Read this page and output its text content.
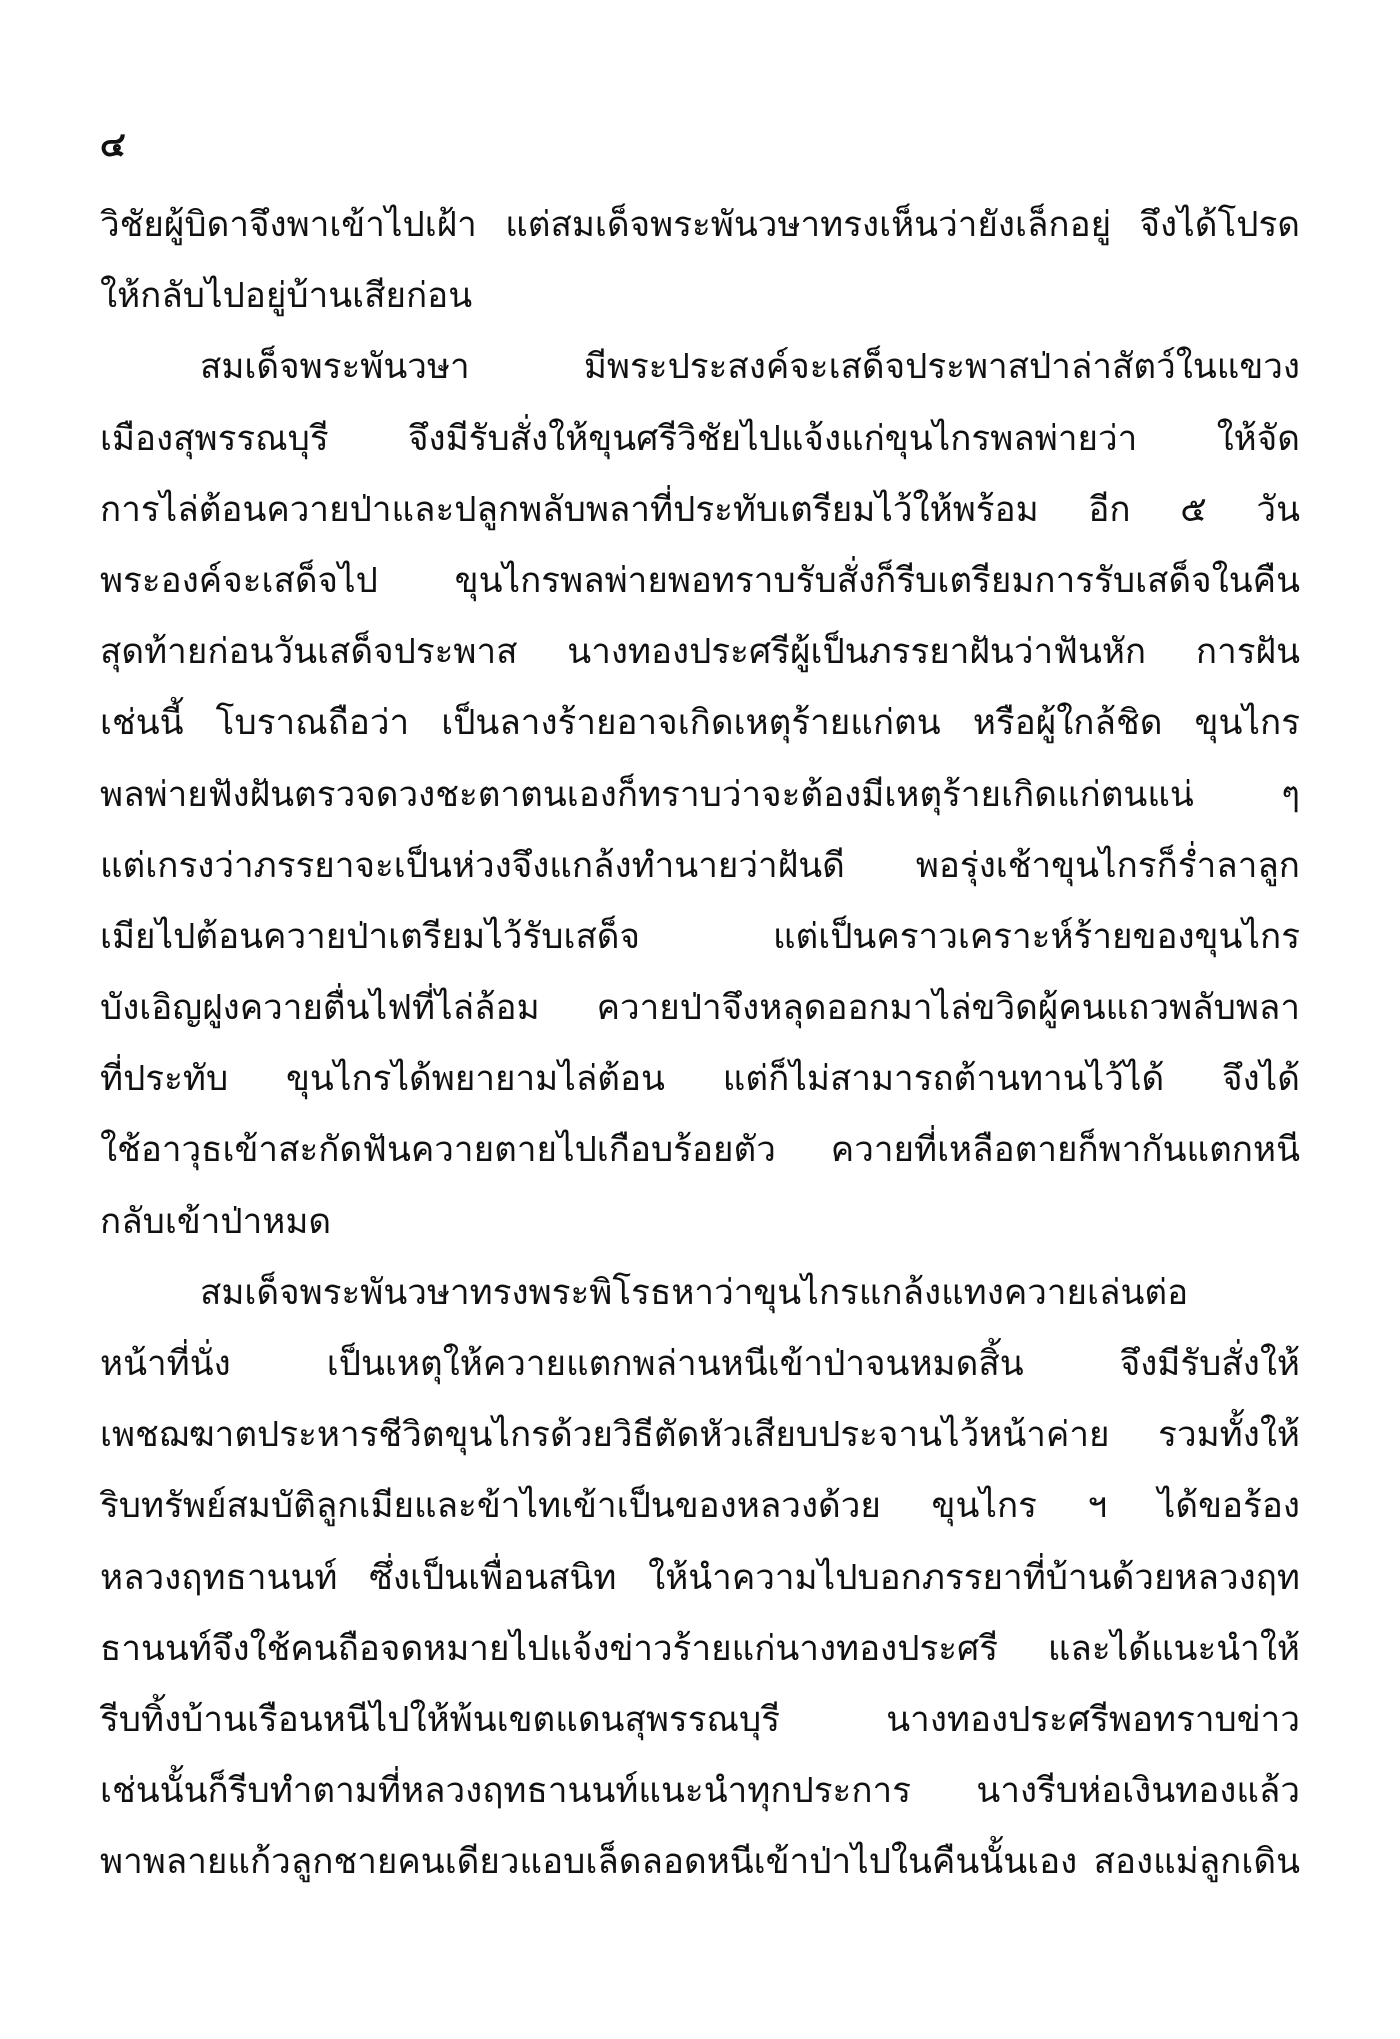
๔
วิชัยผู้บิดาจึงพาเข้าไปเฝ้า แต่สมเด็จพระพันวษาทรงเห็นว่ายังเล็กอยู่ จึงได้โปรด
ให้กลับไปอยู่บ้านเสียก่อน
สมเด็จพระพันวษา มีพระประสงค์จะเสด็จประพาสป่าล่าสัตว์ในแขวง
เมืองสุพรรณบุรี จึงมีรับสั่งให้ขุนศรีวิชัยไปแจ้งแก่ขุนไกรพลพ่ายว่า ให้จัด
การไล่ต้อนควายป่าและปลูกพลับพลาที่ประทับเตรียมไว้ให้พร้อม อีก ๕ วัน
พระองค์จะเสด็จไป ขุนไกรพลพ่ายพอทราบรับสั่งก็รีบเตรียมการรับเสด็จในคืน
สุดท้ายก่อนวันเสด็จประพาส นางทองประศรีผู้เป็นภรรยาฝันว่าฟันหัก การฝัน
เช่นนี้ โบราณถือว่า เป็นลางร้ายอาจเกิดเหตุร้ายแก่ตน หรือผู้ใกล้ชิด ขุนไกร
พลพ่ายฟังฝันตรวจดวงชะตาตนเองก็ทราบว่าจะต้องมีเหตุร้ายเกิดแก่ตนแน่ ๆ
แต่เกรงว่าภรรยาจะเป็นห่วงจึงแกล้งทำนายว่าฝันดี พอรุ่งเช้าขุนไกรก็ร่ำลาลูก
เมียไปต้อนควายป่าเตรียมไว้รับเสด็จ แต่เป็นคราวเคราะห์ร้ายของขุนไกร
บังเอิญฝูงควายตื่นไฟที่ไล่ล้อม ควายป่าจึงหลุดออกมาไล่ขวิดผู้คนแถวพลับพลา
ที่ประทับ ขุนไกรได้พยายามไล่ต้อน แต่ก็ไม่สามารถต้านทานไว้ได้ จึงได้
ใช้อาวุธเข้าสะกัดฟันควายตายไปเกือบร้อยตัว ควายที่เหลือตายก็พากันแตกหนี
กลับเข้าป่าหมด
สมเด็จพระพันวษาทรงพระพิโรธหาว่าขุนไกรแกล้งแทงควายเล่นต่อ
หน้าที่นั่ง เป็นเหตุให้ควายแตกพล่านหนีเข้าป่าจนหมดสิ้น จึงมีรับสั่งให้
เพชฌฆาตประหารชีวิตขุนไกรด้วยวิธีตัดหัวเสียบประจานไว้หน้าค่าย รวมทั้งให้
ริบทรัพย์สมบัติลูกเมียและข้าไทเข้าเป็นของหลวงด้วย ขุนไกร ฯ ได้ขอร้อง
หลวงฤทธานนท์ ซึ่งเป็นเพื่อนสนิท ให้นำความไปบอกภรรยาที่บ้านด้วยหลวงฤท
ธานนท์จึงใช้คนถือจดหมายไปแจ้งข่าวร้ายแก่นางทองประศรี และได้แนะนำให้
รีบทิ้งบ้านเรือนหนีไปให้พ้นเขตแดนสุพรรณบุรี นางทองประศรีพอทราบข่าว
เช่นนั้นก็รีบทำตามที่หลวงฤทธานนท์แนะนำทุกประการ นางรีบห่อเงินทองแล้ว
พาพลายแก้วลูกชายคนเดียวแอบเล็ดลอดหนีเข้าป่าไปในคืนนั้นเอง สองแม่ลูกเดิน
